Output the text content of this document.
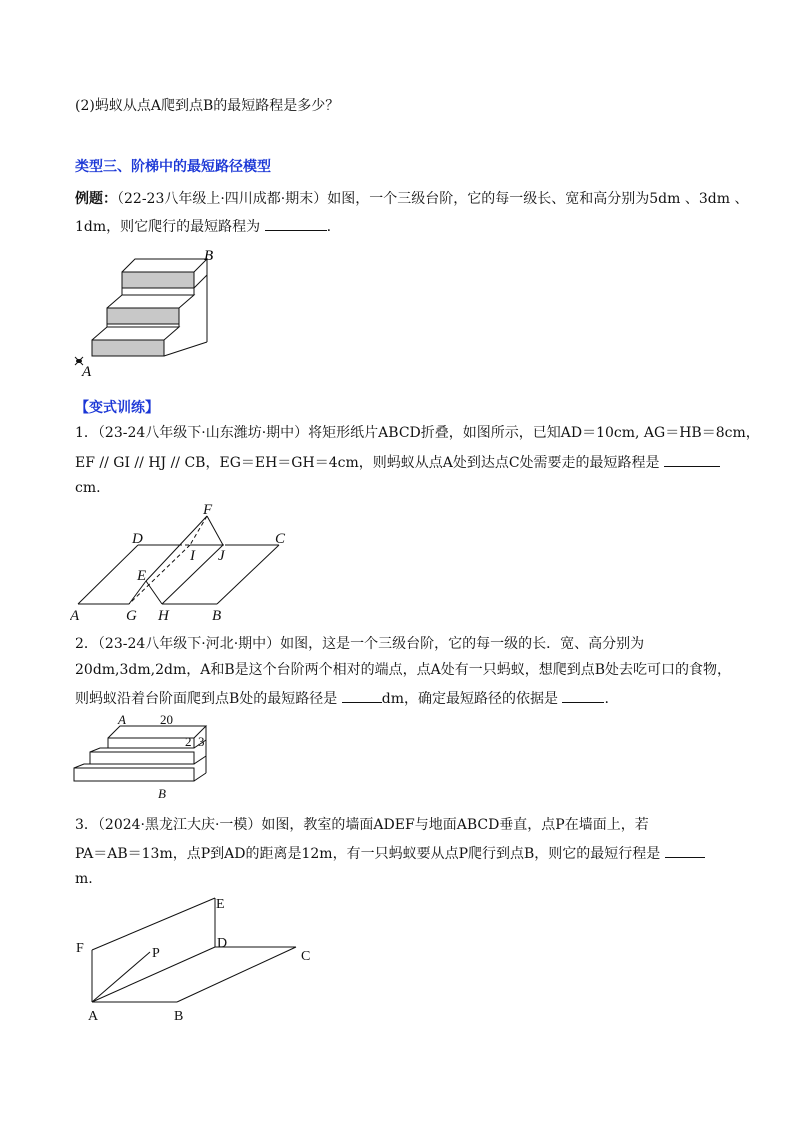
(2)蚂蚁从点A爬到点B的最短路程是多少？
类型三、阶梯中的最短路径模型
例题：（22-23八年级上·四川成都·期末）如图，一个三级台阶，它的每一级长、宽和高分别为5dm 、3dm 、
1dm，则它爬行的最短路程为	.
B
A
【变式训练】
1．（23-24八年级下·山东潍坊·期中）将矩形纸片ABCD折叠，如图所示，已知AD＝10cm, AG＝HB＝8cm，
EF // GI // HJ // CB，EG＝EH＝GH＝4cm，则蚂蚁从点A处到达点C处需要走的最短路程是
cm.
A	G H	B
D	C
F
E
I J
2．（23-24八年级下·河北·期中）如图，这是一个三级台阶，它的每一级的长．宽、高分别为
20dm,3dm,2dm，A和B是这个台阶两个相对的端点，点A处有一只蚂蚁，想爬到点B处去吃可口的食物，
则蚂蚁沿着台阶面爬到点B处的最短路径是	dm，确定最短路径的依据是	.
A	20
2 3
B
3．（2024·黑龙江大庆·一模）如图，教室的墙面ADEF与地面ABCD垂直，点P在墙面上，若
PA＝AB＝13m，点P到AD的距离是12m，有一只蚂蚁要从点P爬行到点B，则它的最短行程是
m.
A	B
C
D
E
F	P
